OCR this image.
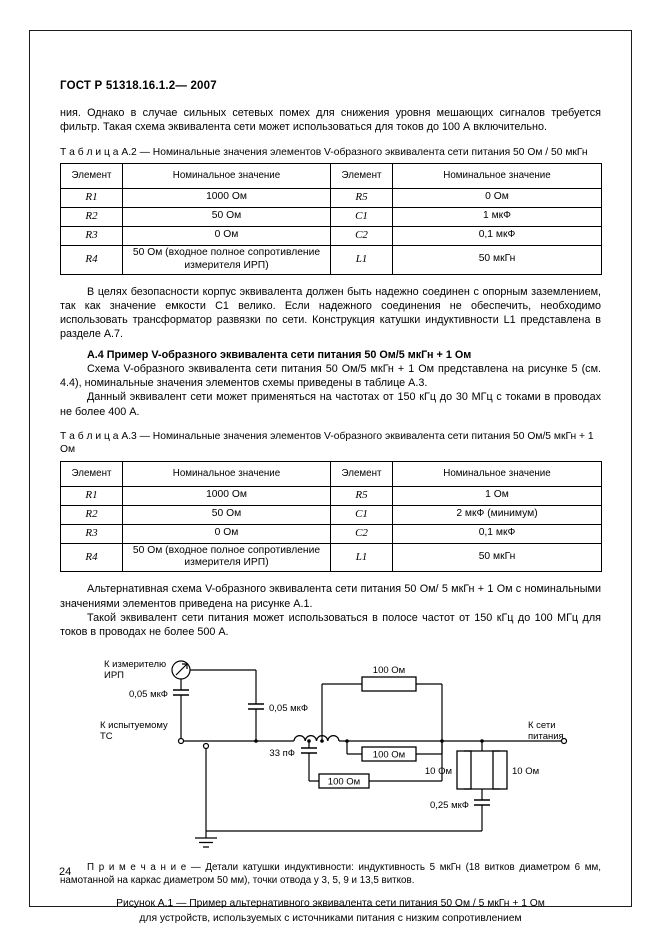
ГОСТ Р 51318.16.1.2— 2007

ния. Однако в случае сильных сетевых помех для снижения уровня мешающих сигналов требуется фильтр. Такая схема эквивалента сети может использоваться для токов до 100 А включительно.

Т а б л и ц а А.2 — Номинальные значения элементов V-образного эквивалента сети питания 50 Ом / 50 мкГн

Элемент	Номинальное значение	Элемент	Номинальное значение
R1	1000 Ом	R5	0 Ом
R2	50 Ом	C1	1 мкФ
R3	0 Ом	C2	0,1 мкФ
R4	50 Ом (входное полное сопротивление измерителя ИРП)	L1	50 мкГн

В целях безопасности корпус эквивалента должен быть надежно соединен с опорным заземлением, так как значение емкости С1 велико. Если надежного соединения не обеспечить, необходимо использовать трансформатор развязки по сети. Конструкция катушки индуктивности L1 представлена в разделе А.7.

А.4 Пример V-образного эквивалента сети питания 50 Ом/5 мкГн + 1 Ом

Схема V-образного эквивалента сети питания 50 Ом/5 мкГн + 1 Ом представлена на рисунке 5 (см. 4.4), номинальные значения элементов схемы приведены в таблице А.3.

Данный эквивалент сети может применяться на частотах от 150 кГц до 30 МГц с токами в проводах не более 400 А.

Т а б л и ц а А.3 — Номинальные значения элементов V-образного эквивалента сети питания 50 Ом/5 мкГн + 1 Ом

Элемент	Номинальное значение	Элемент	Номинальное значение
R1	1000 Ом	R5	1 Ом
R2	50 Ом	C1	2 мкФ (минимум)
R3	0 Ом	C2	0,1 мкФ
R4	50 Ом (входное полное сопротивление измерителя ИРП)	L1	50 мкГн

Альтернативная схема V-образного эквивалента сети питания 50 Ом/ 5 мкГн + 1 Ом с номинальными значениями элементов приведена на рисунке А.1.

Такой эквивалент сети питания может использоваться в полосе частот от 150 кГц до 100 МГц для токов в проводах не более 500 А.

К измерителю
ИРП
0,05 мкФ
0,05 мкФ
К испытуемому
ТС
К сети
питания
100 Ом
100 Ом
100 Ом
33 пФ
10 Ом	10 Ом
0,25 мкФ

П р и м е ч а н и е — Детали катушки индуктивности: индуктивность 5 мкГн (18 витков диаметром 6 мм, намотанной на каркас диаметром 50 мм), точки отвода у 3, 5, 9 и 13,5 витков.

Рисунок А.1 — Пример альтернативного эквивалента сети питания 50 Ом / 5 мкГн + 1 Ом
для устройств, используемых с источниками питания с низким сопротивлением

24
